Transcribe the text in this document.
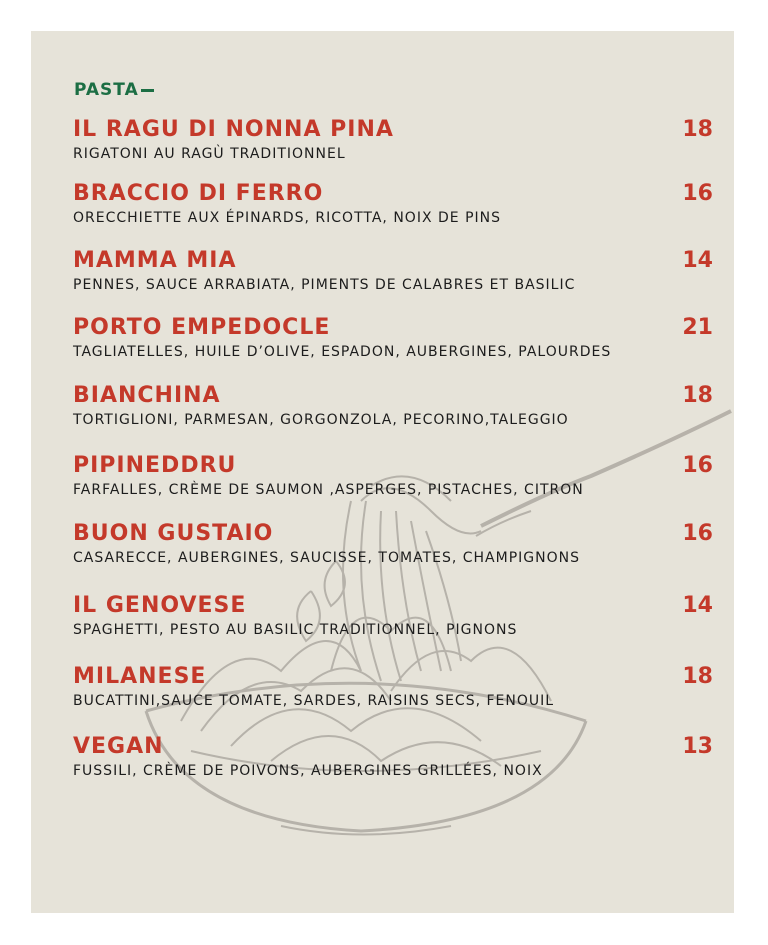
PASTA
IL RAGU DI NONNA PINA	18
RIGATONI AU RAGÙ TRADITIONNEL
BRACCIO DI FERRO	16
ORECCHIETTE AUX ÉPINARDS, RICOTTA, NOIX DE PINS
MAMMA MIA	14
PENNES, SAUCE ARRABIATA, PIMENTS DE CALABRES ET BASILIC
PORTO EMPEDOCLE	21
TAGLIATELLES, HUILE D’OLIVE, ESPADON, AUBERGINES, PALOURDES
BIANCHINA	18
TORTIGLIONI, PARMESAN, GORGONZOLA, PECORINO,TALEGGIO
PIPINEDDRU	16
FARFALLES, CRÈME DE SAUMON ,ASPERGES, PISTACHES, CITRON
BUON GUSTAIO	16
CASARECCE, AUBERGINES, SAUCISSE, TOMATES, CHAMPIGNONS
IL GENOVESE	14
SPAGHETTI, PESTO AU BASILIC TRADITIONNEL, PIGNONS
MILANESE	18
BUCATTINI,SAUCE TOMATE, SARDES, RAISINS SECS, FENOUIL
VEGAN	13
FUSSILI, CRÈME DE POIVONS, AUBERGINES GRILLÉES, NOIX
